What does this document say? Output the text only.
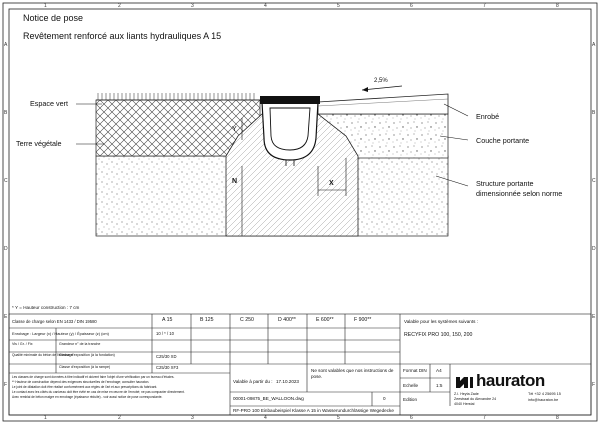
Notice de pose
Revêtement renforcé aux liants hydrauliques A 15
Espace vert
Terre végétale
Enrobé
Couche portante
Structure portante
dimensionnée selon norme
2,5%
Y
N	X
* Y = Hauteur construction : 7 cm
Classe de charge selon EN 1433 / DIN 19580	A 15	B 125	C 250	D 400**	E 600**	F 900**
Enrobage : Largeur (x) / Hauteur (y) / Épaisseur (z) (cm)	10 / * / 10
Vis / Gr. / Fix	Grandeur n° de la tranche
Qualité minimale du béton de l'enrobage
Classe d'exposition (à la fondation)	C25/30 XD
Classe d'exposition (à la rampe)	C25/30 XF3
Les classes de charge sont données à titre indicatif et doivent faire l'objet d'une vérification par un bureau d'études.
** Hauteur de construction dépend des exigences structurelles de l'enrobage; consulter hauraton.
Le joint de dilatation doit être réalisé conformément aux règles de l'art et aux prescriptions du fabricant.
Le contact avec les côtés du caniveau doit être évité en cas de mise en œuvre de l'enrobé; ne pas compacter directement.
Avec remblai de béton maigre en enrobage (épaisseur réduite) - voir aussi notice de pose correspondante.
Valable pour les systèmes suivants :
RECYFIX PRO 100, 150, 200
Valable à partir du : 17.10.2023
Ne sont valables que nos instructions de pose.
00001-09875_BE_WALLOON.dwg	0
RF-PRO 100 Einbaubeispiel Klasse A 15 in Wasserundurchlässige Wegedecke
Format DIN A4
Echelle	1:5
Edition
hauraton
Z.I. Heyta Zade
Zeestraat du Alexandre 24
4040 Herstal
Tél +32 4 25695 15
info@hauraton.be
1	2	3	4	5	6	7	8
1	2	3	4	5	6	7	8
A
B
C
D
E
F
A
B
C
D
E
F
